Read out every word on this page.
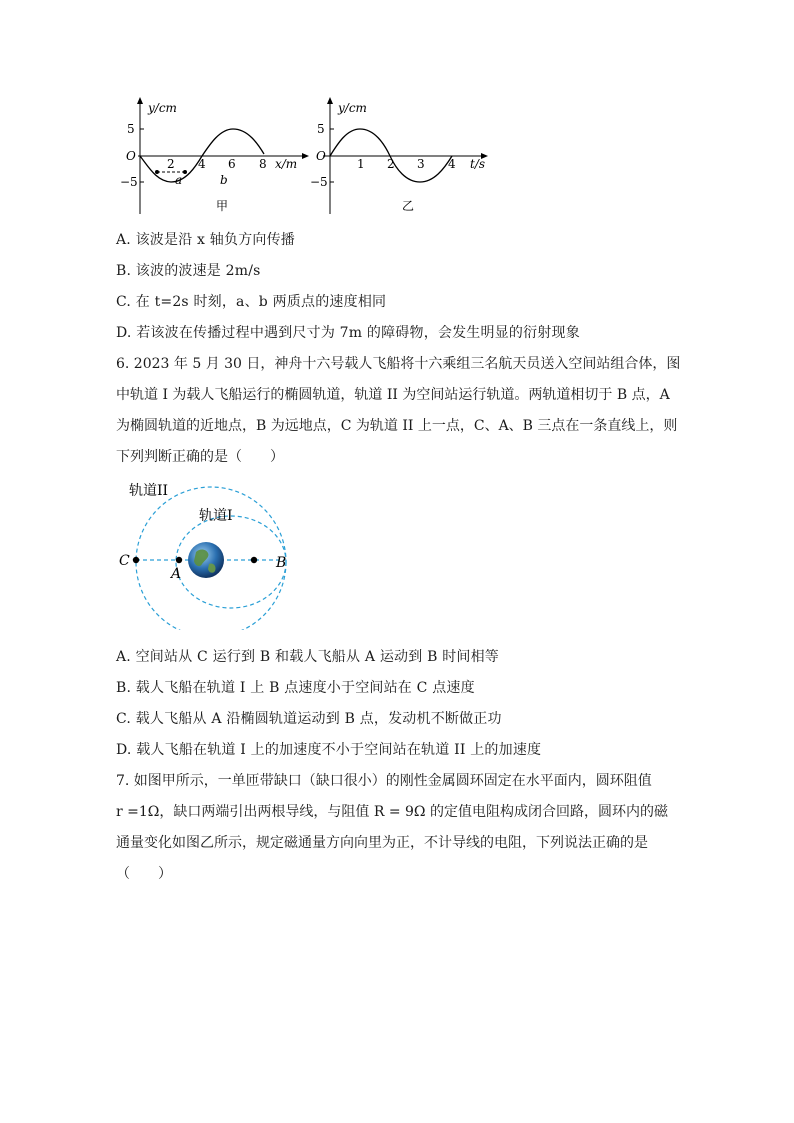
y/cm
5
−5
O
2 4 6 8 x/m
a	b
甲
y/cm
5
−5
O
1 2 3 4 t/s
乙
A. 该波是沿 x 轴负方向传播
B. 该波的波速是 2m/s
C. 在 t=2s 时刻，a、b 两质点的速度相同
D. 若该波在传播过程中遇到尺寸为 7m 的障碍物，会发生明显的衍射现象
6. 2023 年 5 月 30 日，神舟十六号载人飞船将十六乘组三名航天员送入空间站组合体，图
中轨道 I 为载人飞船运行的椭圆轨道，轨道 II 为空间站运行轨道。两轨道相切于 B 点，A
为椭圆轨道的近地点，B 为远地点，C 为轨道 II 上一点，C、A、B 三点在一条直线上，则
下列判断正确的是（　　）
轨道II
轨道I
C
A
B
A. 空间站从 C 运行到 B 和载人飞船从 A 运动到 B 时间相等
B. 载人飞船在轨道 I 上 B 点速度小于空间站在 C 点速度
C. 载人飞船从 A 沿椭圆轨道运动到 B 点，发动机不断做正功
D. 载人飞船在轨道 I 上的加速度不小于空间站在轨道 II 上的加速度
7. 如图甲所示，一单匝带缺口（缺口很小）的刚性金属圆环固定在水平面内，圆环阻值
r =1Ω，缺口两端引出两根导线，与阻值 R = 9Ω 的定值电阻构成闭合回路，圆环内的磁
通量变化如图乙所示，规定磁通量方向向里为正，不计导线的电阻，下列说法正确的是
（　　）
